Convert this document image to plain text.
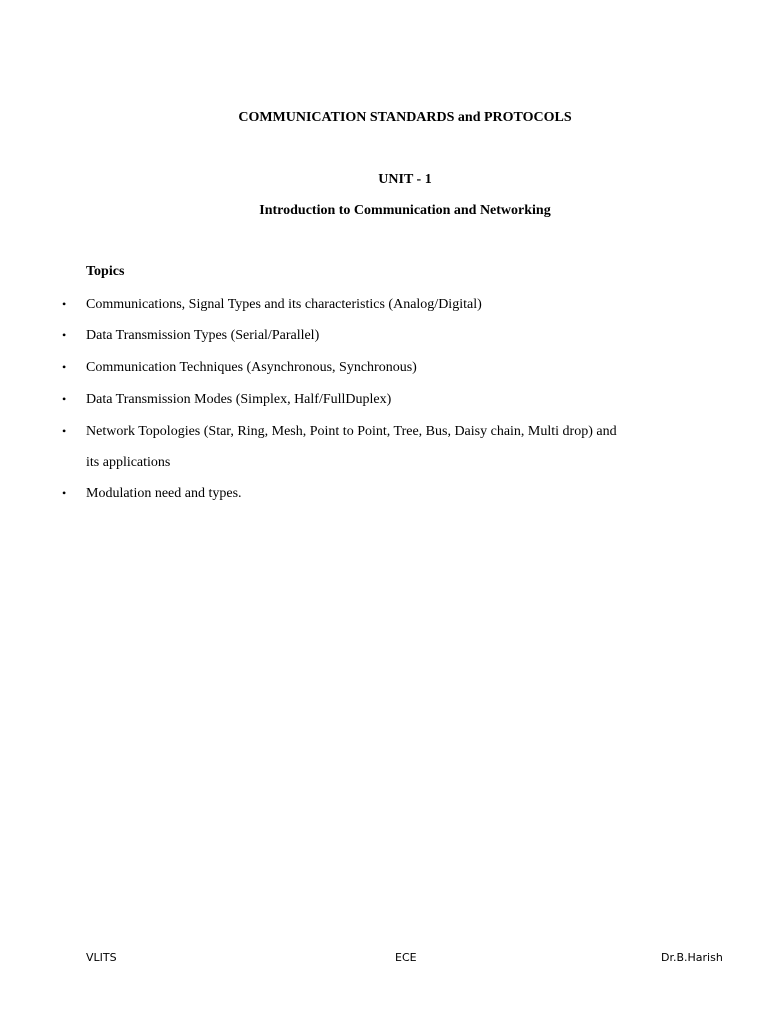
COMMUNICATION STANDARDS and PROTOCOLS
UNIT - 1
Introduction to Communication and Networking
Topics
• Communications, Signal Types and its characteristics (Analog/Digital)
• Data Transmission Types (Serial/Parallel)
• Communication Techniques (Asynchronous, Synchronous)
• Data Transmission Modes (Simplex, Half/FullDuplex)
• Network Topologies (Star, Ring, Mesh, Point to Point, Tree, Bus, Daisy chain, Multi drop) and its applications
• Modulation need and types.
VLITS	ECE	Dr.B.Harish
